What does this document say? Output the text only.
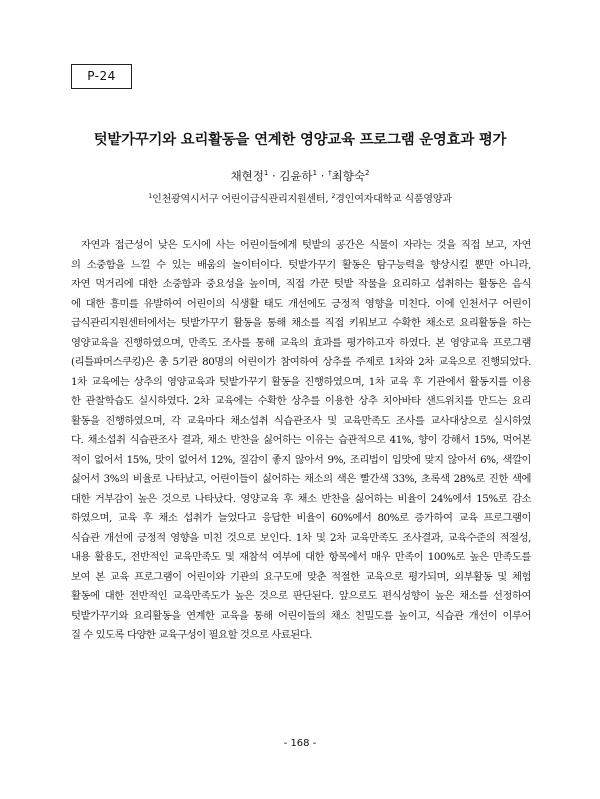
P-24
텃밭가꾸기와 요리활동을 연계한 영양교육 프로그램 운영효과 평가
채현정$^1$ · 김윤하$^1$ · †최향숙$^2$
$^1$인천광역시서구 어린이급식관리지원센터, $^2$경인여자대학교 식품영양과
자연과 접근성이 낮은 도시에 사는 어린이들에게 텃밭의 공간은 식물이 자라는 것을 직접 보고, 자연
의 소중함을 느낄 수 있는 배움의 놀이터이다. 텃밭가꾸기 활동은 탐구능력을 향상시킬 뿐만 아니라,
자연 먹거리에 대한 소중함과 중요성을 높이며, 직접 가꾼 텃밭 작물을 요리하고 섭취하는 활동은 음식
에 대한 흥미를 유발하여 어린이의 식생활 태도 개선에도 긍정적 영향을 미친다. 이에 인천서구 어린이
급식관리지원센터에서는 텃밭가꾸기 활동을 통해 채소를 직접 키워보고 수확한 채소로 요리활동을 하는
영양교육을 진행하였으며, 만족도 조사를 통해 교육의 효과를 평가하고자 하였다. 본 영양교육 프로그램
(리틀파머스쿠킹)은 총 5기관 80명의 어린이가 참여하여 상추를 주제로 1차와 2차 교육으로 진행되었다.
1차 교육에는 상추의 영양교육과 텃밭가꾸기 활동을 진행하였으며, 1차 교육 후 기관에서 활동지를 이용
한 관찰학습도 실시하였다. 2차 교육에는 수확한 상추를 이용한 상추 치아바타 샌드위치를 만드는 요리
활동을 진행하였으며, 각 교육마다 채소섭취 식습관조사 및 교육만족도 조사를 교사대상으로 실시하였
다. 채소섭취 식습관조사 결과, 채소 반찬을 싫어하는 이유는 습관적으로 41%, 향이 강해서 15%, 먹어본
적이 없어서 15%, 맛이 없어서 12%, 질감이 좋지 않아서 9%, 조리법이 입맛에 맞지 않아서 6%, 색깔이
싫어서 3%의 비율로 나타났고, 어린이들이 싫어하는 채소의 색은 빨간색 33%, 초록색 28%로 진한 색에
대한 거부감이 높은 것으로 나타났다. 영양교육 후 채소 반찬을 싫어하는 비율이 24%에서 15%로 감소
하였으며, 교육 후 채소 섭취가 늘었다고 응답한 비율이 60%에서 80%로 증가하여 교육 프로그램이
식습관 개선에 긍정적 영향을 미친 것으로 보인다. 1차 및 2차 교육만족도 조사결과, 교육수준의 적절성,
내용 활용도, 전반적인 교육만족도 및 재참석 여부에 대한 항목에서 매우 만족이 100%로 높은 만족도를
보여 본 교육 프로그램이 어린이와 기관의 요구도에 맞춘 적절한 교육으로 평가되며, 외부활동 및 체험
활동에 대한 전반적인 교육만족도가 높은 것으로 판단된다. 앞으로도 편식성향이 높은 채소를 선정하여
텃밭가꾸기와 요리활동을 연계한 교육을 통해 어린이들의 채소 친밀도를 높이고, 식습관 개선이 이루어
질 수 있도록 다양한 교육구성이 필요할 것으로 사료된다.
- 168 -
